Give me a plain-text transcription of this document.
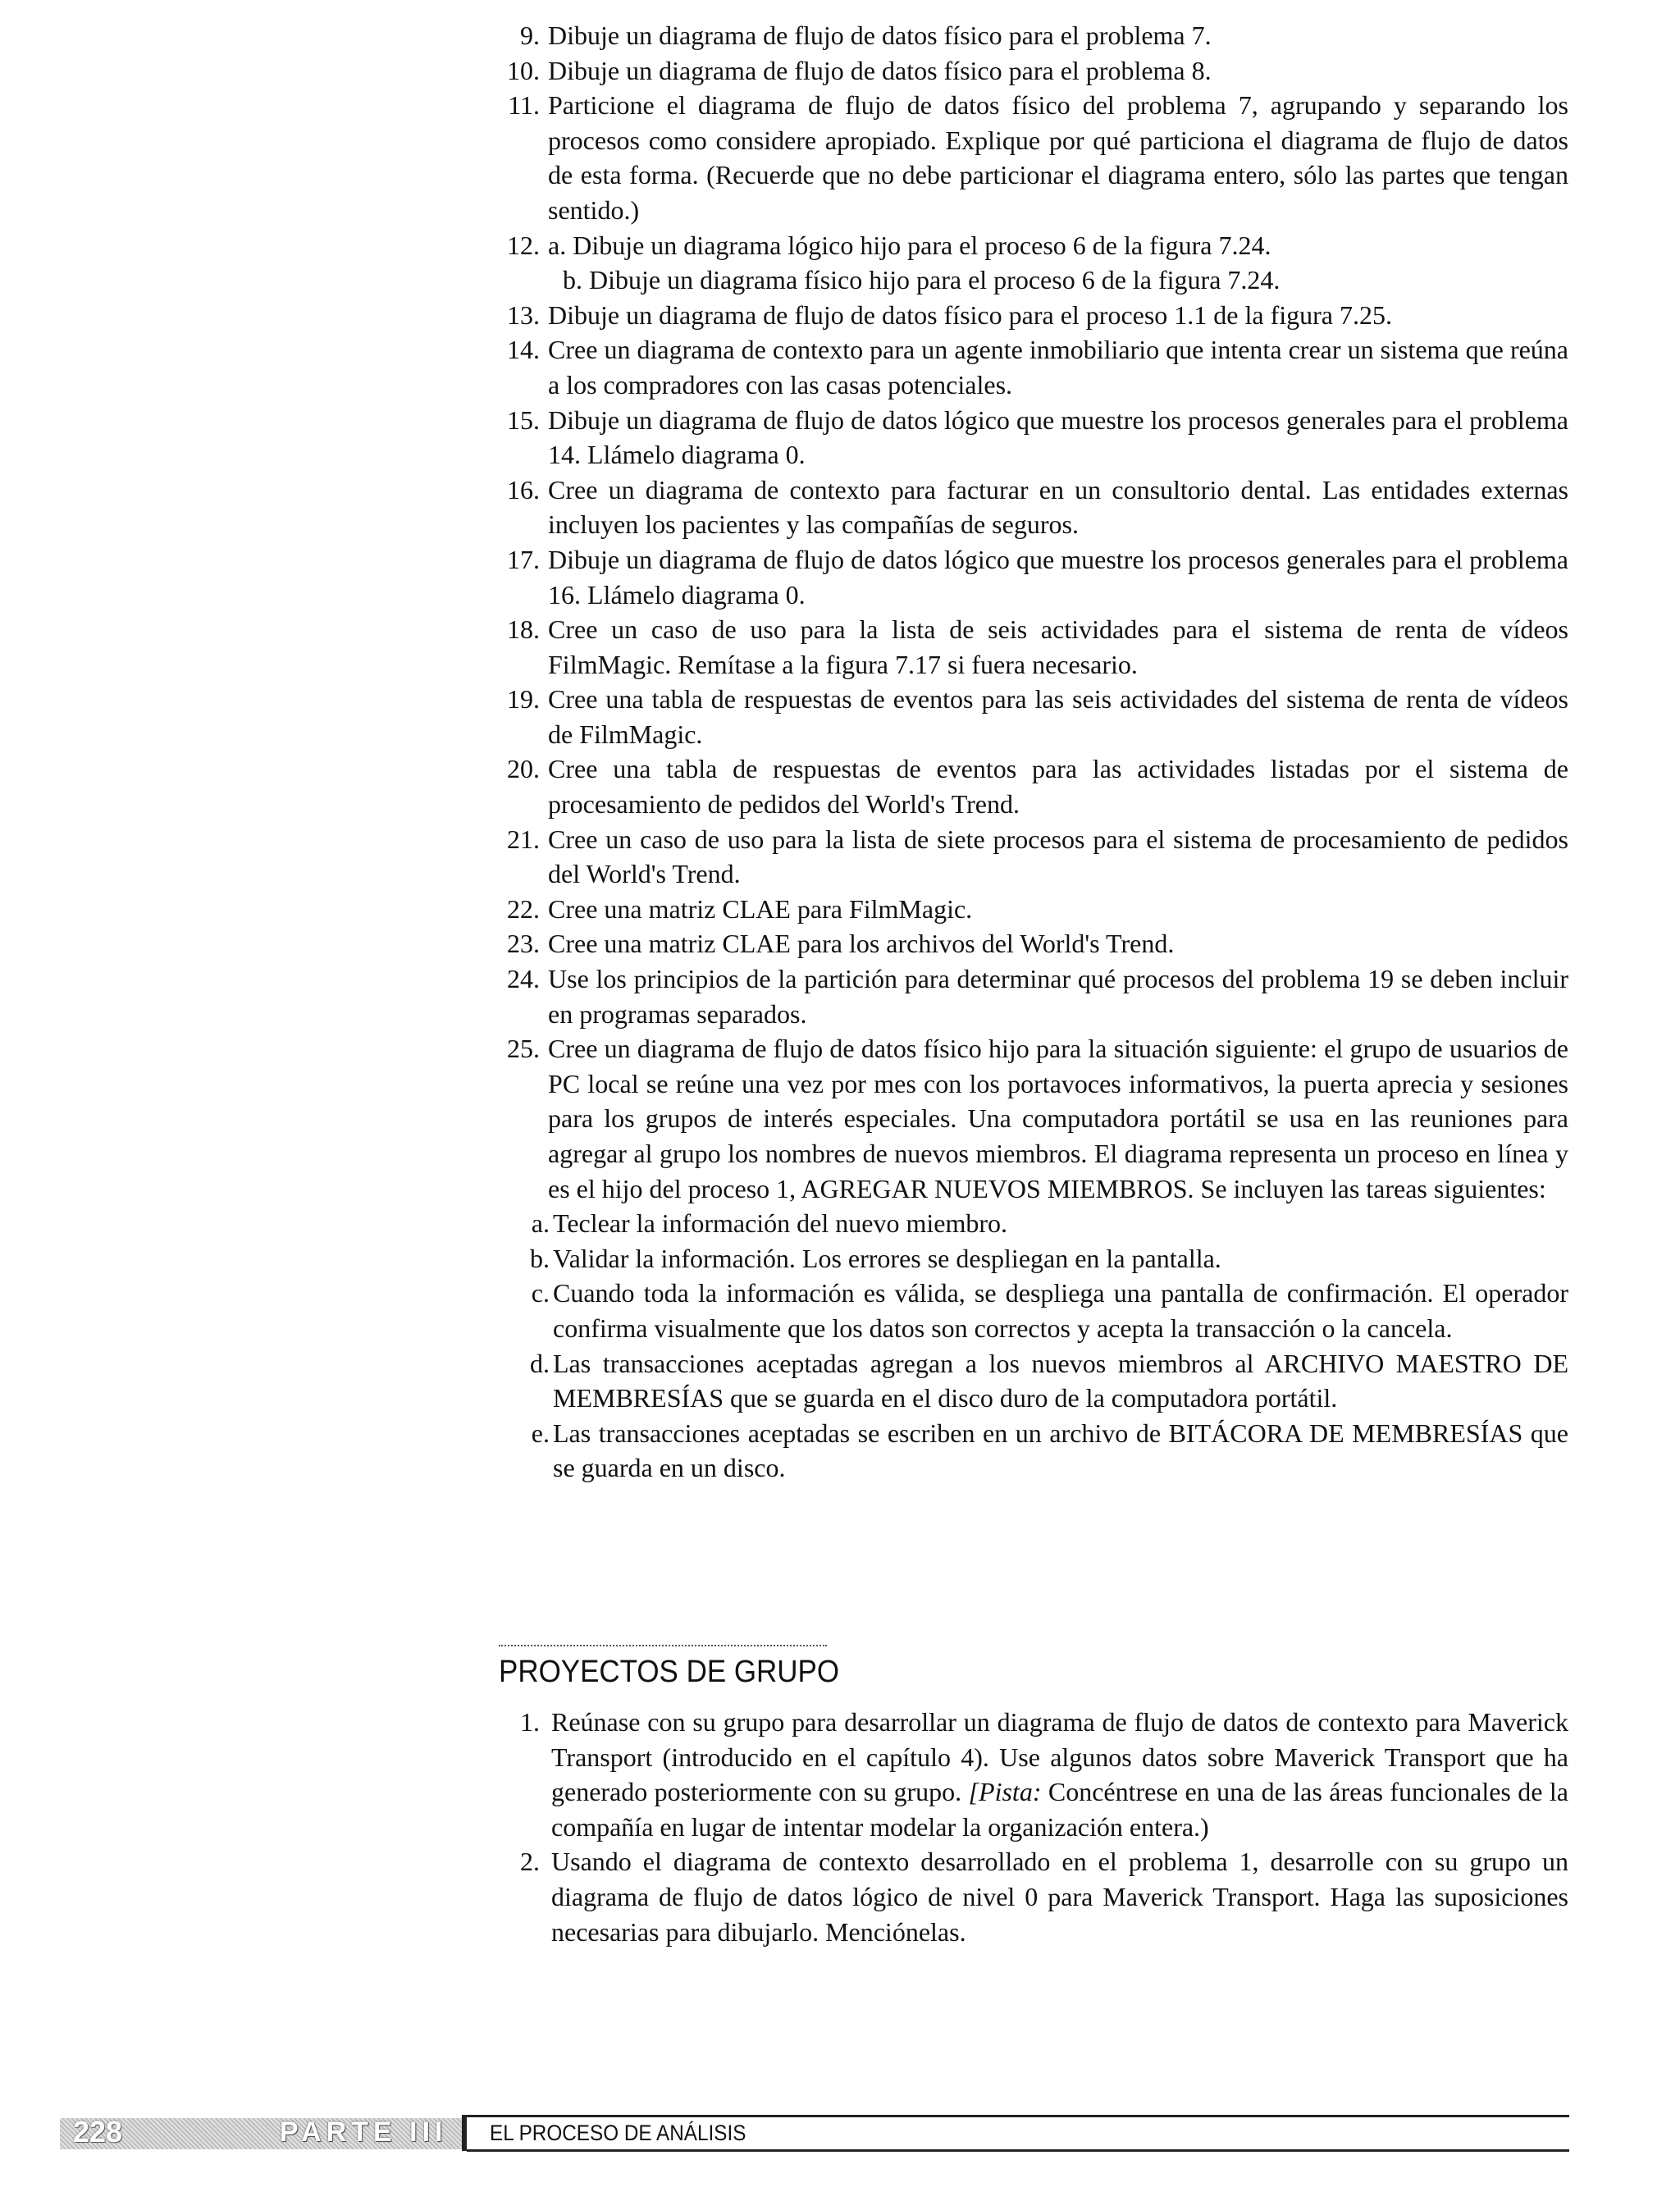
9. Dibuje un diagrama de flujo de datos físico para el problema 7.
10. Dibuje un diagrama de flujo de datos físico para el problema 8.
11. Particione el diagrama de flujo de datos físico del problema 7, agrupando y separando los procesos como considere apropiado. Explique por qué particiona el diagrama de flujo de datos de esta forma. (Recuerde que no debe particionar el diagrama entero, sólo las partes que tengan sentido.)
12. a. Dibuje un diagrama lógico hijo para el proceso 6 de la figura 7.24.
b. Dibuje un diagrama físico hijo para el proceso 6 de la figura 7.24.
13. Dibuje un diagrama de flujo de datos físico para el proceso 1.1 de la figura 7.25.
14. Cree un diagrama de contexto para un agente inmobiliario que intenta crear un sistema que reúna a los compradores con las casas potenciales.
15. Dibuje un diagrama de flujo de datos lógico que muestre los procesos generales para el problema 14. Llámelo diagrama 0.
16. Cree un diagrama de contexto para facturar en un consultorio dental. Las entidades externas incluyen los pacientes y las compañías de seguros.
17. Dibuje un diagrama de flujo de datos lógico que muestre los procesos generales para el problema 16. Llámelo diagrama 0.
18. Cree un caso de uso para la lista de seis actividades para el sistema de renta de vídeos FilmMagic. Remítase a la figura 7.17 si fuera necesario.
19. Cree una tabla de respuestas de eventos para las seis actividades del sistema de renta de vídeos de FilmMagic.
20. Cree una tabla de respuestas de eventos para las actividades listadas por el sistema de procesamiento de pedidos del World's Trend.
21. Cree un caso de uso para la lista de siete procesos para el sistema de procesamiento de pedidos del World's Trend.
22. Cree una matriz CLAE para FilmMagic.
23. Cree una matriz CLAE para los archivos del World's Trend.
24. Use los principios de la partición para determinar qué procesos del problema 19 se deben incluir en programas separados.
25. Cree un diagrama de flujo de datos físico hijo para la situación siguiente: el grupo de usuarios de PC local se reúne una vez por mes con los portavoces informativos, la puerta aprecia y sesiones para los grupos de interés especiales. Una computadora portátil se usa en las reuniones para agregar al grupo los nombres de nuevos miembros. El diagrama representa un proceso en línea y es el hijo del proceso 1, AGREGAR NUEVOS MIEMBROS. Se incluyen las tareas siguientes:
a. Teclear la información del nuevo miembro.
b. Validar la información. Los errores se despliegan en la pantalla.
c. Cuando toda la información es válida, se despliega una pantalla de confirmación. El operador confirma visualmente que los datos son correctos y acepta la transacción o la cancela.
d. Las transacciones aceptadas agregan a los nuevos miembros al ARCHIVO MAESTRO DE MEMBRESÍAS que se guarda en el disco duro de la computadora portátil.
e. Las transacciones aceptadas se escriben en un archivo de BITÁCORA DE MEMBRESÍAS que se guarda en un disco.
PROYECTOS DE GRUPO
1. Reúnase con su grupo para desarrollar un diagrama de flujo de datos de contexto para Maverick Transport (introducido en el capítulo 4). Use algunos datos sobre Maverick Transport que ha generado posteriormente con su grupo. [Pista: Concéntrese en una de las áreas funcionales de la compañía en lugar de intentar modelar la organización entera.)
2. Usando el diagrama de contexto desarrollado en el problema 1, desarrolle con su grupo un diagrama de flujo de datos lógico de nivel 0 para Maverick Transport. Haga las suposiciones necesarias para dibujarlo. Menciónelas.
228	PARTE III EL PROCESO DE ANÁLISIS
